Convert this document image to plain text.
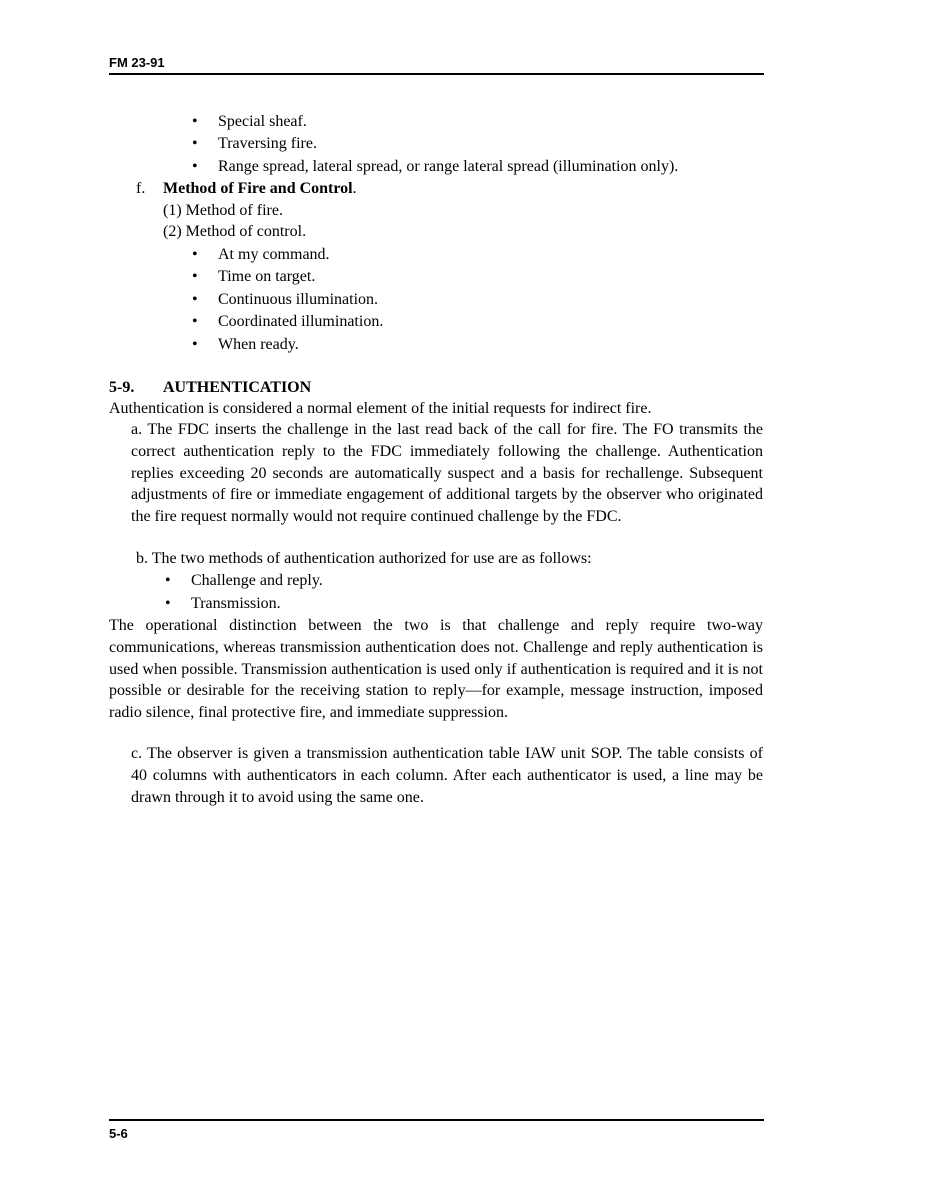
FM 23-91
• Special sheaf.
• Traversing fire.
• Range spread, lateral spread, or range lateral spread (illumination only).
f. Method of Fire and Control.
(1) Method of fire.
(2) Method of control.
• At my command.
• Time on target.
• Continuous illumination.
• Coordinated illumination.
• When ready.
5-9. AUTHENTICATION
Authentication is considered a normal element of the initial requests for indirect fire.
a. The FDC inserts the challenge in the last read back of the call for fire. The FO transmits the correct authentication reply to the FDC immediately following the challenge. Authentication replies exceeding 20 seconds are automatically suspect and a basis for rechallenge. Subsequent adjustments of fire or immediate engagement of additional targets by the observer who originated the fire request normally would not require continued challenge by the FDC.
b. The two methods of authentication authorized for use are as follows:
• Challenge and reply.
• Transmission.
The operational distinction between the two is that challenge and reply require two-way communications, whereas transmission authentication does not. Challenge and reply authentication is used when possible. Transmission authentication is used only if authentication is required and it is not possible or desirable for the receiving station to reply—for example, message instruction, imposed radio silence, final protective fire, and immediate suppression.
c. The observer is given a transmission authentication table IAW unit SOP. The table consists of 40 columns with authenticators in each column. After each authenticator is used, a line may be drawn through it to avoid using the same one.
5-6
